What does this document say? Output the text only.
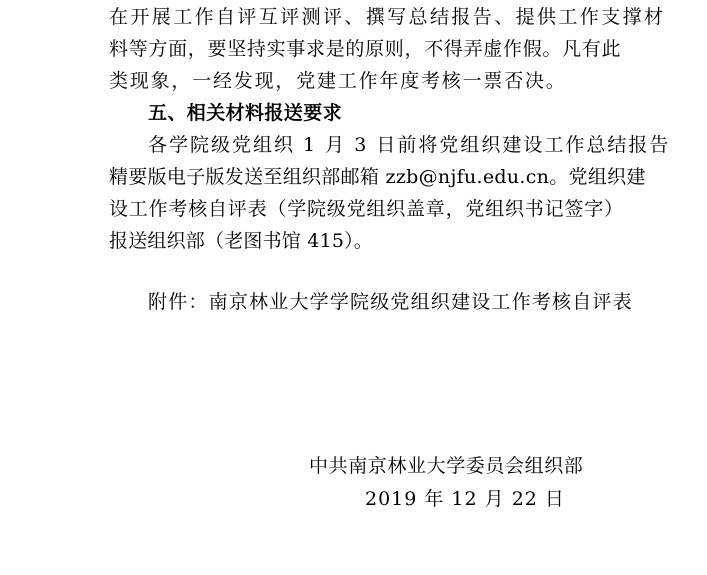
在开展工作自评互评测评、撰写总结报告、提供工作支撑材
料等方面，要坚持实事求是的原则，不得弄虚作假。凡有此
类现象，一经发现，党建工作年度考核一票否决。
五、相关材料报送要求
各学院级党组织 1 月 3 日前将党组织建设工作总结报告
精要版电子版发送至组织部邮箱 zzb@njfu.edu.cn。党组织建
设工作考核自评表（学院级党组织盖章，党组织书记签字）
报送组织部（老图书馆 415）。
附件：南京林业大学学院级党组织建设工作考核自评表
中共南京林业大学委员会组织部
2019 年 12 月 22 日
